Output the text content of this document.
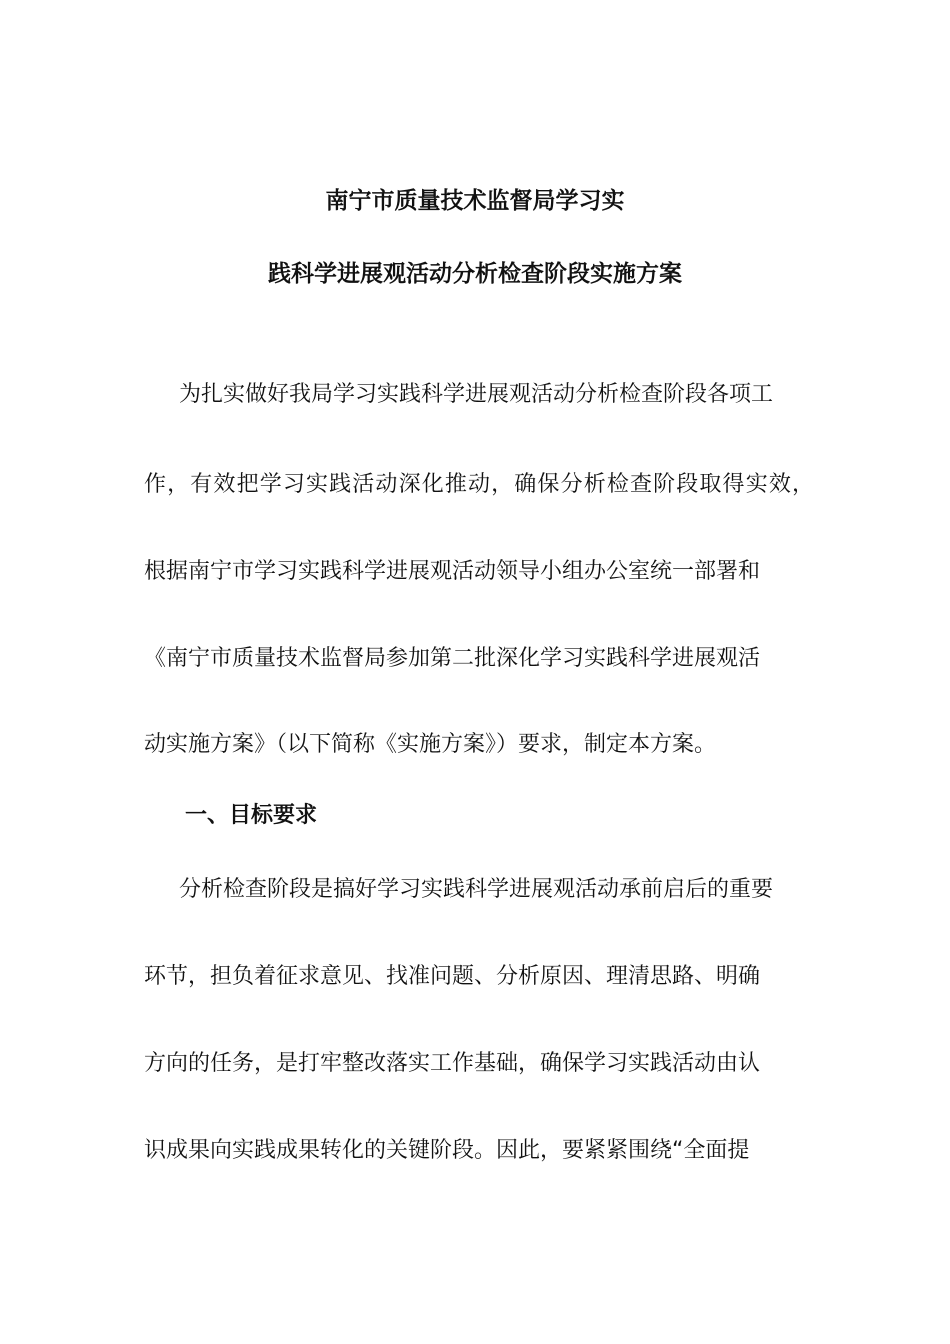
南宁市质量技术监督局学习实
践科学进展观活动分析检查阶段实施方案
为扎实做好我局学习实践科学进展观活动分析检查阶段各项工
作，有效把学习实践活动深化推动，确保分析检查阶段取得实效，
根据南宁市学习实践科学进展观活动领导小组办公室统一部署和
《南宁市质量技术监督局参加第二批深化学习实践科学进展观活
动实施方案》（以下简称《实施方案》）要求，制定本方案。
一、目标要求
分析检查阶段是搞好学习实践科学进展观活动承前启后的重要
环节，担负着征求意见、找准问题、分析原因、理清思路、明确
方向的任务，是打牢整改落实工作基础，确保学习实践活动由认
识成果向实践成果转化的关键阶段。因此，要紧紧围绕“全面提
